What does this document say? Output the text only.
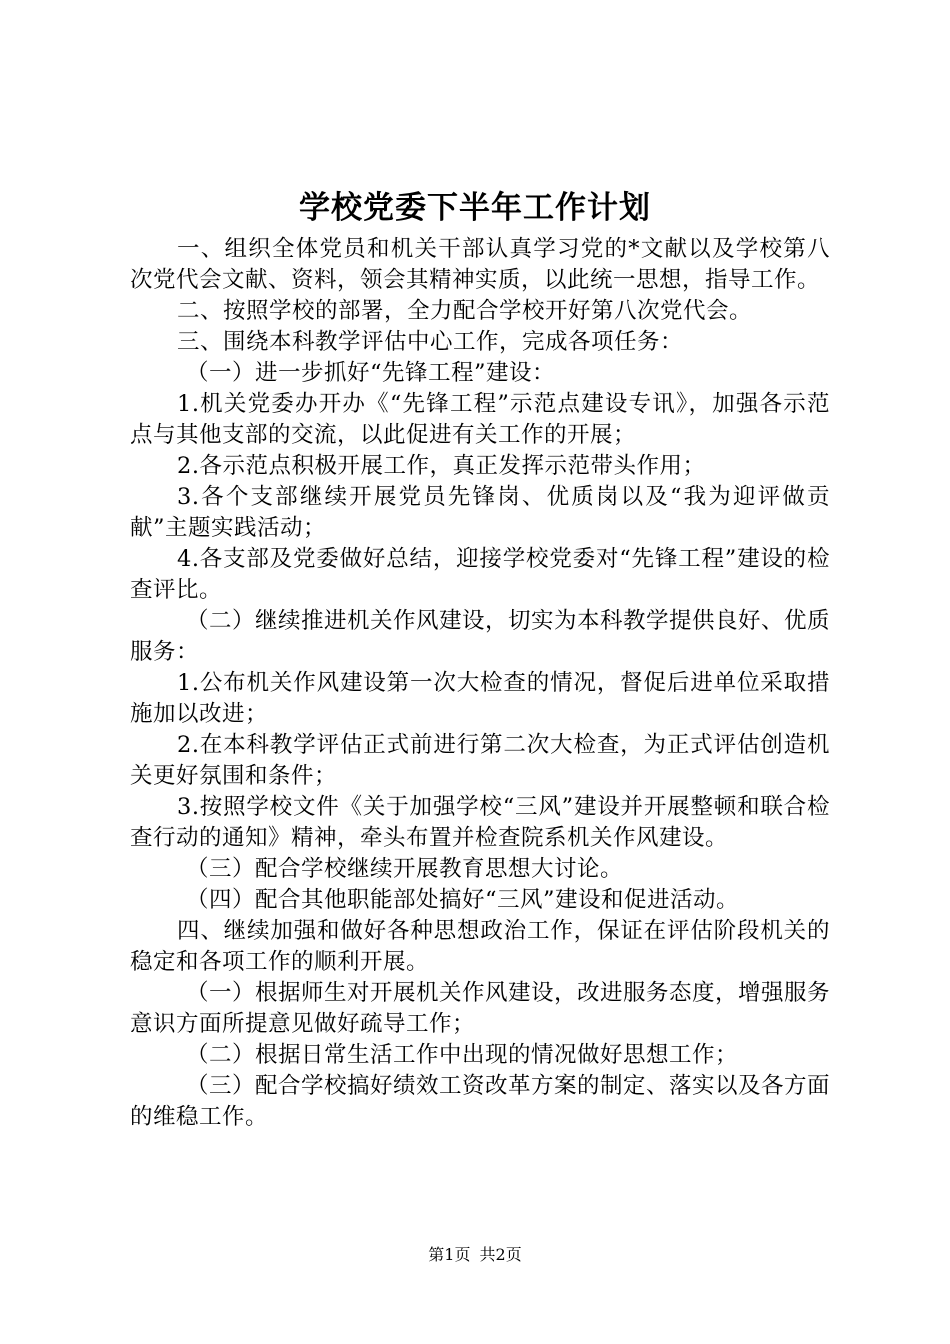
学校党委下半年工作计划

一、组织全体党员和机关干部认真学习党的*文献以及学校第八次党代会文献、资料，领会其精神实质，以此统一思想，指导工作。

二、按照学校的部署，全力配合学校开好第八次党代会。

三、围绕本科教学评估中心工作，完成各项任务：

（一）进一步抓好“先锋工程”建设：

1.机关党委办开办《“先锋工程”示范点建设专讯》，加强各示范点与其他支部的交流，以此促进有关工作的开展；

2.各示范点积极开展工作，真正发挥示范带头作用；

3.各个支部继续开展党员先锋岗、优质岗以及“我为迎评做贡献”主题实践活动；

4.各支部及党委做好总结，迎接学校党委对“先锋工程”建设的检查评比。

（二）继续推进机关作风建设，切实为本科教学提供良好、优质服务：

1.公布机关作风建设第一次大检查的情况，督促后进单位采取措施加以改进；

2.在本科教学评估正式前进行第二次大检查，为正式评估创造机关更好氛围和条件；

3.按照学校文件《关于加强学校“三风”建设并开展整顿和联合检查行动的通知》精神，牵头布置并检查院系机关作风建设。

（三）配合学校继续开展教育思想大讨论。

（四）配合其他职能部处搞好“三风”建设和促进活动。

四、继续加强和做好各种思想政治工作，保证在评估阶段机关的稳定和各项工作的顺利开展。

（一）根据师生对开展机关作风建设，改进服务态度，增强服务意识方面所提意见做好疏导工作；

（二）根据日常生活工作中出现的情况做好思想工作；

（三）配合学校搞好绩效工资改革方案的制定、落实以及各方面的维稳工作。

第1页 共2页
